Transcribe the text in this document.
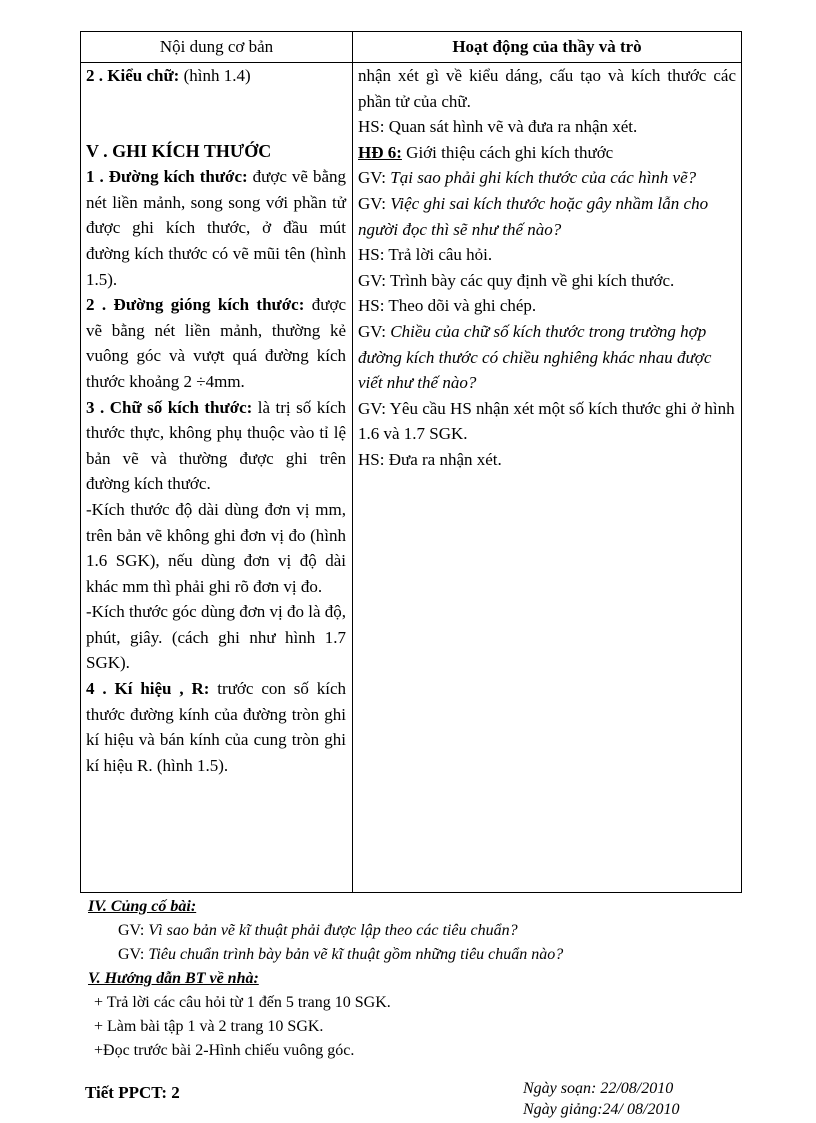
Nội dung cơ bản	Hoạt động của thầy và trò

2 . Kiểu chữ: (hình 1.4)

V . GHI KÍCH THƯỚC

1 . Đường kích thước: được vẽ bằng nét liền mảnh, song song với phần tử được ghi kích thước, ở đầu mút đường kích thước có vẽ mũi tên (hình 1.5).

2 . Đường gióng kích thước: được vẽ bằng nét liền mảnh, thường kẻ vuông góc và vượt quá đường kích thước khoảng 2 ÷4mm.

3 . Chữ số kích thước: là trị số kích thước thực, không phụ thuộc vào tỉ lệ bản vẽ và thường được ghi trên đường kích thước.

-Kích thước độ dài dùng đơn vị mm, trên bản vẽ không ghi đơn vị đo (hình 1.6 SGK), nếu dùng đơn vị độ dài khác mm thì phải ghi rõ đơn vị đo.

-Kích thước góc dùng đơn vị đo là độ, phút, giây. (cách ghi như hình 1.7 SGK).

4 . Kí hiệu , R: trước con số kích thước đường kính của đường tròn ghi kí hiệu và bán kính của cung tròn ghi kí hiệu R. (hình 1.5).

nhận xét gì về kiểu dáng, cấu tạo và kích thước các phần tử của chữ.

HS: Quan sát hình vẽ và đưa ra nhận xét.

HĐ 6: Giới thiệu cách ghi kích thước

GV: Tại sao phải ghi kích thước của các hình vẽ?

GV: Việc ghi sai kích thước hoặc gây nhầm lẫn cho người đọc thì sẽ như thế nào?

HS: Trả lời câu hỏi.

GV: Trình bày các quy định về ghi kích thước.

HS: Theo dõi và ghi chép.

GV: Chiều của chữ số kích thước trong trường hợp đường kích thước có chiều nghiêng khác nhau được viết như thế nào?

GV: Yêu cầu HS nhận xét một số kích thước ghi ở hình 1.6 và 1.7 SGK.

HS: Đưa ra nhận xét.

IV. Củng cố bài:

GV: Vì sao bản vẽ kĩ thuật phải được lập theo các tiêu chuẩn?

GV: Tiêu chuẩn trình bày bản vẽ kĩ thuật gồm những tiêu chuẩn nào?

V. Hướng dẫn BT về nhà:

+ Trả lời các câu hỏi từ 1 đến 5 trang 10 SGK.

+ Làm bài tập 1 và 2 trang 10 SGK.

+Đọc trước bài 2-Hình chiếu vuông góc.

Tiết PPCT: 2	Ngày soạn: 22/08/2010
Ngày giảng:24/ 08/2010
